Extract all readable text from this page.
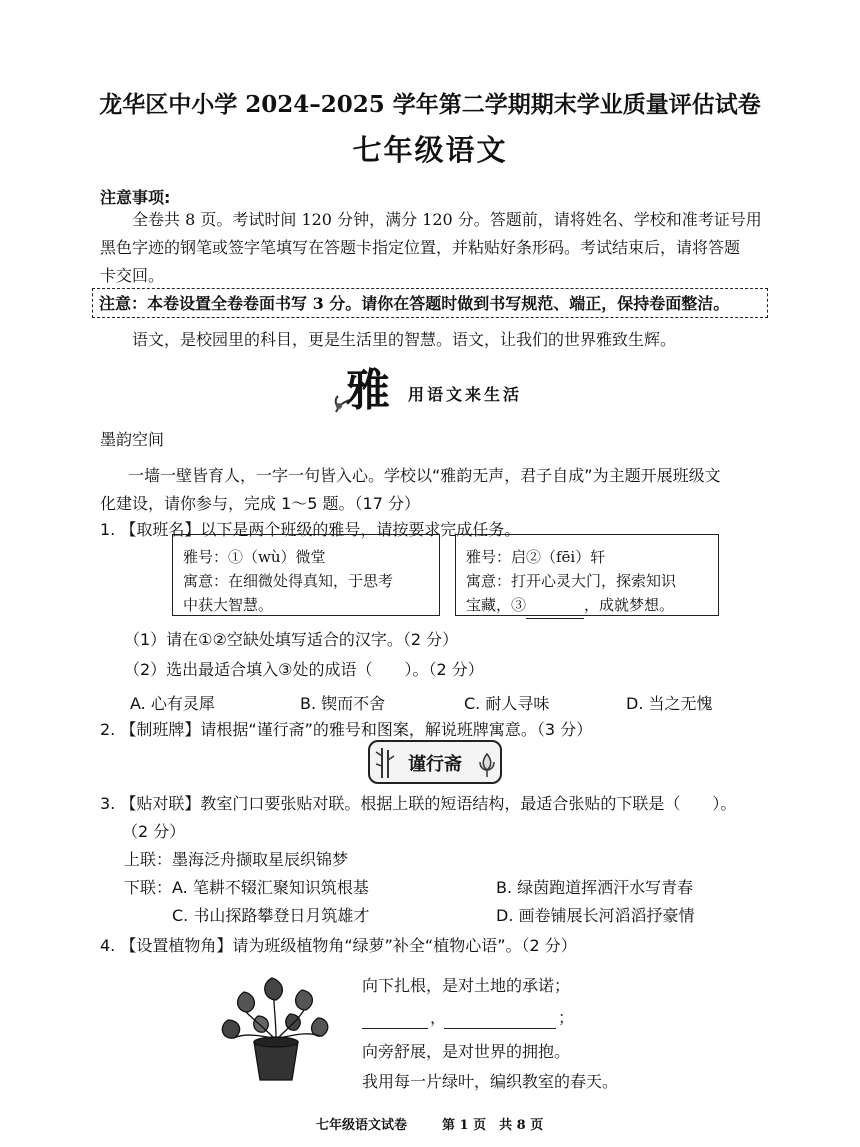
龙华区中小学 2024–2025 学年第二学期期末学业质量评估试卷
七年级语文
注意事项:
全卷共 8 页。考试时间 120 分钟，满分 120 分。答题前，请将姓名、学校和准考证号用
黑色字迹的钢笔或签字笔填写在答题卡指定位置，并粘贴好条形码。考试结束后，请将答题
卡交回。
注意：本卷设置全卷卷面书写 3 分。请你在答题时做到书写规范、端正，保持卷面整洁。
语文，是校园里的科目，更是生活里的智慧。语文，让我们的世界雅致生辉。
雅 用语文来生活
墨韵空间
一墙一壁皆育人，一字一句皆入心。学校以“雅韵无声，君子自成”为主题开展班级文
化建设，请你参与，完成 1～5 题。（17 分）
1. 【取班名】以下是两个班级的雅号，请按要求完成任务。
雅号：①（wù）微堂
寓意：在细微处得真知，于思考
中获大智慧。
雅号：启②（fēi）轩
寓意：打开心灵大门，探索知识
宝藏，③	，成就梦想。
（1）请在①②空缺处填写适合的汉字。（2 分）
（2）选出最适合填入③处的成语（　　）。（2 分）
A. 心有灵犀	B. 锲而不舍	C. 耐人寻味	D. 当之无愧
2. 【制班牌】请根据“谨行斋”的雅号和图案，解说班牌寓意。（3 分）
谨行斋
3. 【贴对联】教室门口要张贴对联。根据上联的短语结构，最适合张贴的下联是（　　）。
（2 分）
上联：墨海泛舟撷取星辰织锦梦
下联： A. 笔耕不辍汇聚知识筑根基	B. 绿茵跑道挥洒汗水写青春
C. 书山探路攀登日月筑雄才	D. 画卷铺展长河滔滔抒豪情
4. 【设置植物角】请为班级植物角“绿萝”补全“植物心语”。（2 分）
向下扎根，是对土地的承诺；
，	；
向旁舒展，是对世界的拥抱。
我用每一片绿叶，编织教室的春天。
七年级语文试卷	第 1 页　共 8 页
